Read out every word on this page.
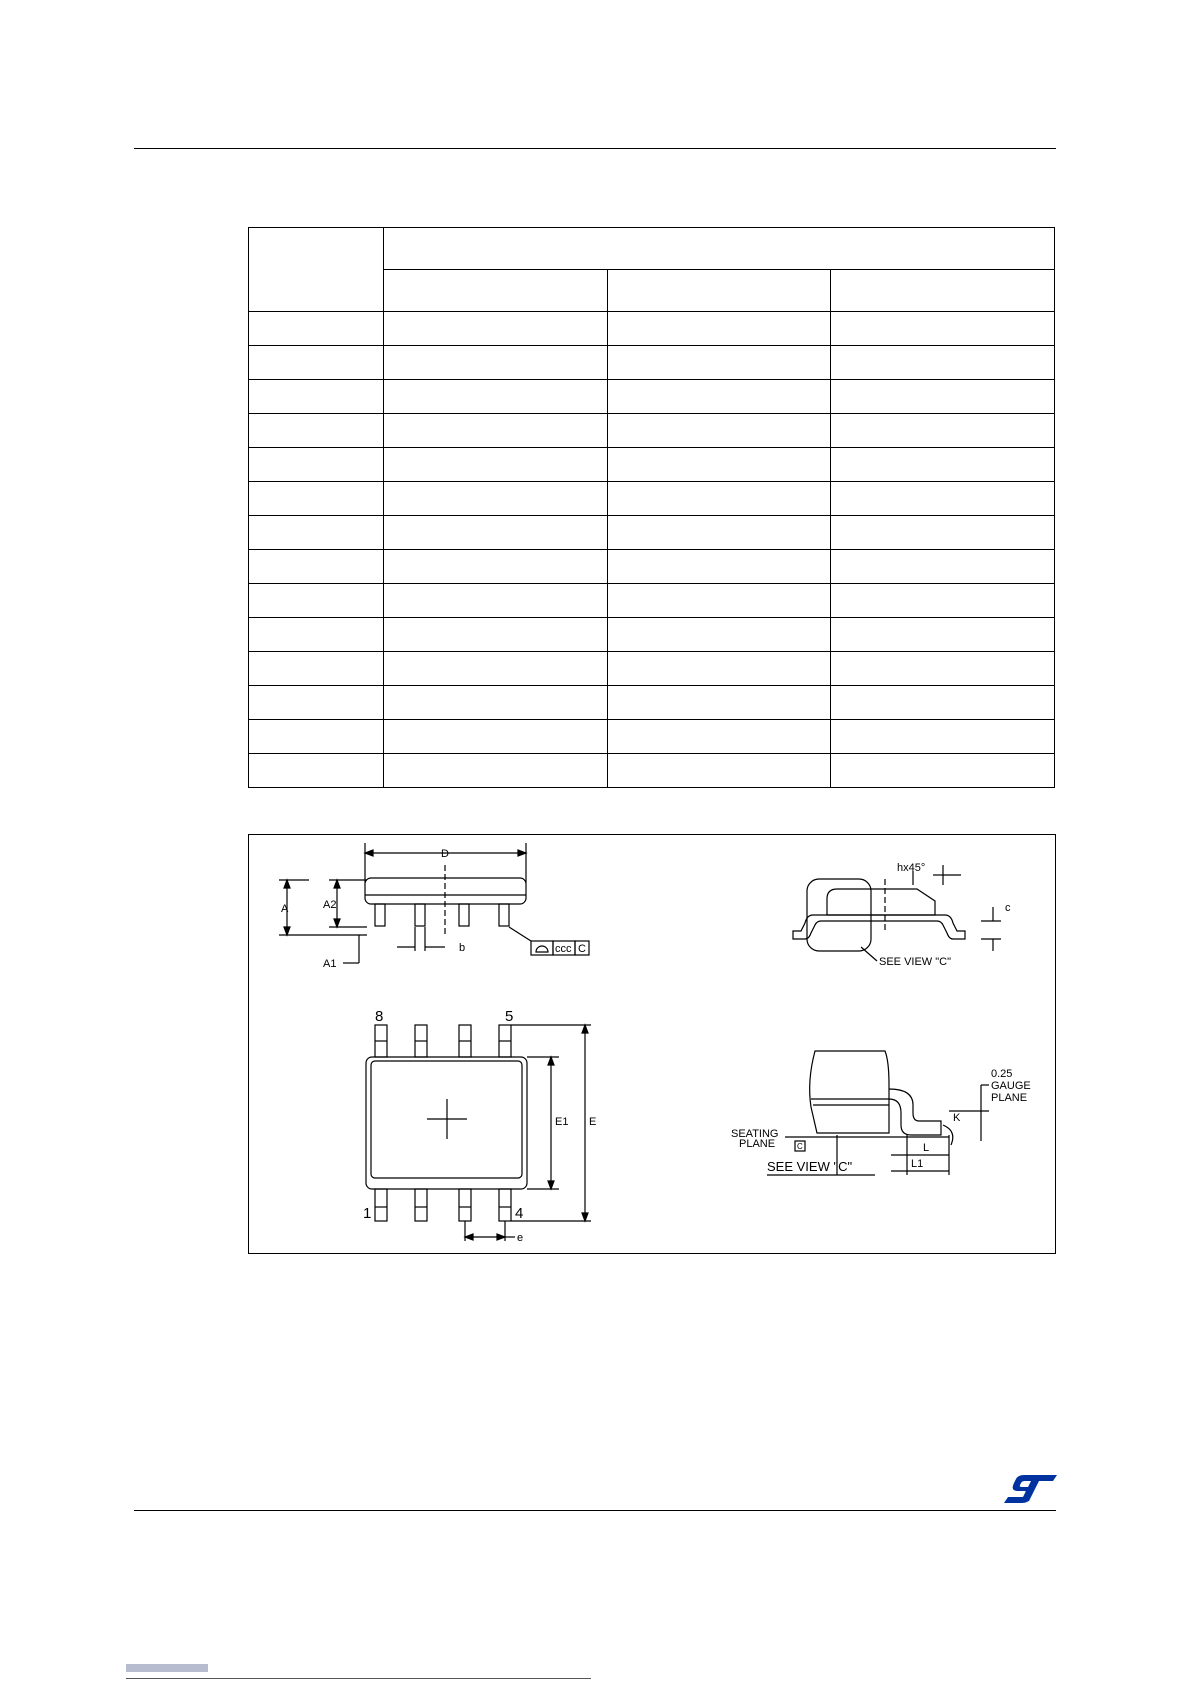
D
A	A2
A1
b	ccc C
8	5
1	4
E1 E
e
hx45°
c
SEE VIEW "C"
0.25
GAUGE
PLANE
K
SEATING
PLANE	C	L
L1
SEE VIEW "C"
